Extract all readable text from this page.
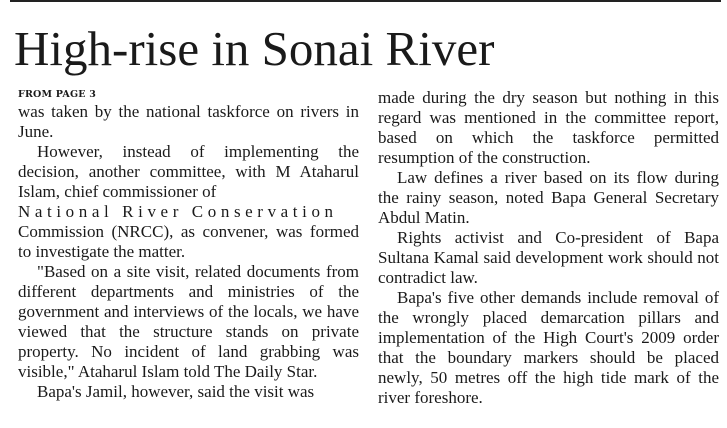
High-rise in Sonai River
FROM PAGE 3

was taken by the national taskforce on rivers in June.

However, instead of implementing the decision, another committee, with M Ataharul Islam, chief commissioner of

National River Conservation

Commission (NRCC), as convener, was formed to investigate the matter.

"Based on a site visit, related documents from different departments and ministries of the government and interviews of the locals, we have viewed that the structure stands on private property. No incident of land grabbing was visible," Ataharul Islam told The Daily Star.

Bapa's Jamil, however, said the visit was

made during the dry season but nothing in this regard was mentioned in the committee report, based on which the taskforce permitted resumption of the construction.

Law defines a river based on its flow during the rainy season, noted Bapa General Secretary Abdul Matin.

Rights activist and Co-president of Bapa Sultana Kamal said development work should not contradict law.

Bapa's five other demands include removal of the wrongly placed demarcation pillars and implementation of the High Court's 2009 order that the boundary markers should be placed newly, 50 metres off the high tide mark of the river foreshore.
